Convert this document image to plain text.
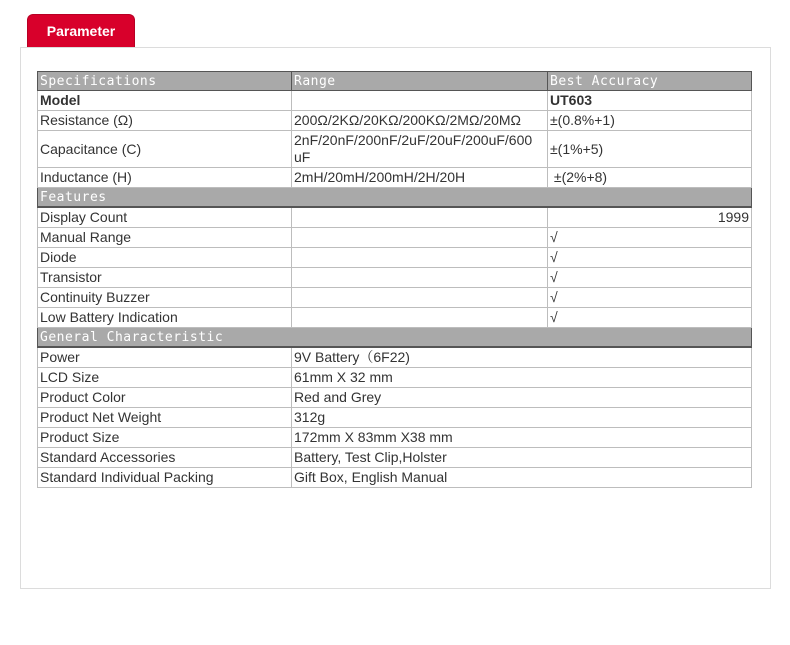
Parameter
Specifications	Range	Best Accuracy
Model		UT603
Resistance (Ω)	200Ω/2KΩ/20KΩ/200KΩ/2MΩ/20MΩ	±(0.8%+1)
Capacitance (C)	2nF/20nF/200nF/2uF/20uF/200uF/600 uF	±(1%+5)
Inductance (H)	2mH/20mH/200mH/2H/20H	±(2%+8)
Features		
Display Count		1999
Manual Range		√
Diode		√
Transistor		√
Continuity Buzzer		√
Low Battery Indication		√
General Characteristic		
Power	9V Battery（6F22)	
LCD Size	61mm X 32 mm	
Product Color	Red and Grey	
Product Net Weight	312g	
Product Size	172mm X 83mm X38 mm	
Standard Accessories	Battery, Test Clip,Holster	
Standard Individual Packing	Gift Box, English Manual	
